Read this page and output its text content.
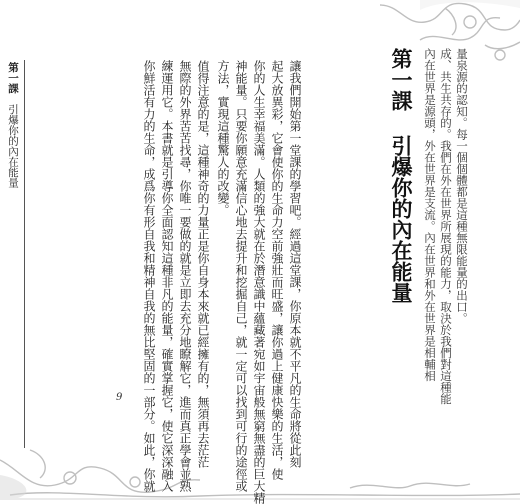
第一課　引爆你的內在能量	第一課 引爆你的內在能量 內在世界是源頭，外在世界是支流。內在世界和外在世界是相輔相 成、共生共存的。我們在外在世界所展現的能力，取決於我們對這種能 量泉源的認知。每一個個體都是這種無限能量的出口。
讓我們開始第一堂課的學習吧。經過這堂課，你原本就不平凡的生命將從此刻
起大放異彩，它會使你的生命力空前強壯而旺盛，讓你過上健康快樂的生活，使
你的人生幸福美滿。人類的強大就在於潛意識中蘊藏著宛如宇宙般無窮無盡的巨大精
神能量。只要你願意充滿信心地去提升和挖掘自己，就一定可以找到可行的途徑或
方法，實現這種驚人的改變。
值得注意的是，這種神奇的力量正是你自身本來就已經擁有的，無須再去茫茫
無際的外界苦苦找尋，你唯一要做的就是立即去充分地瞭解它，進而真正學會並熟
練運用它。本書就是引導你全面認知這種非凡的能量，確實掌握它，使它深深融入
你鮮活有力的生命，成爲你有形自我和精神自我的無比堅固的一部分。如此，你就
9
